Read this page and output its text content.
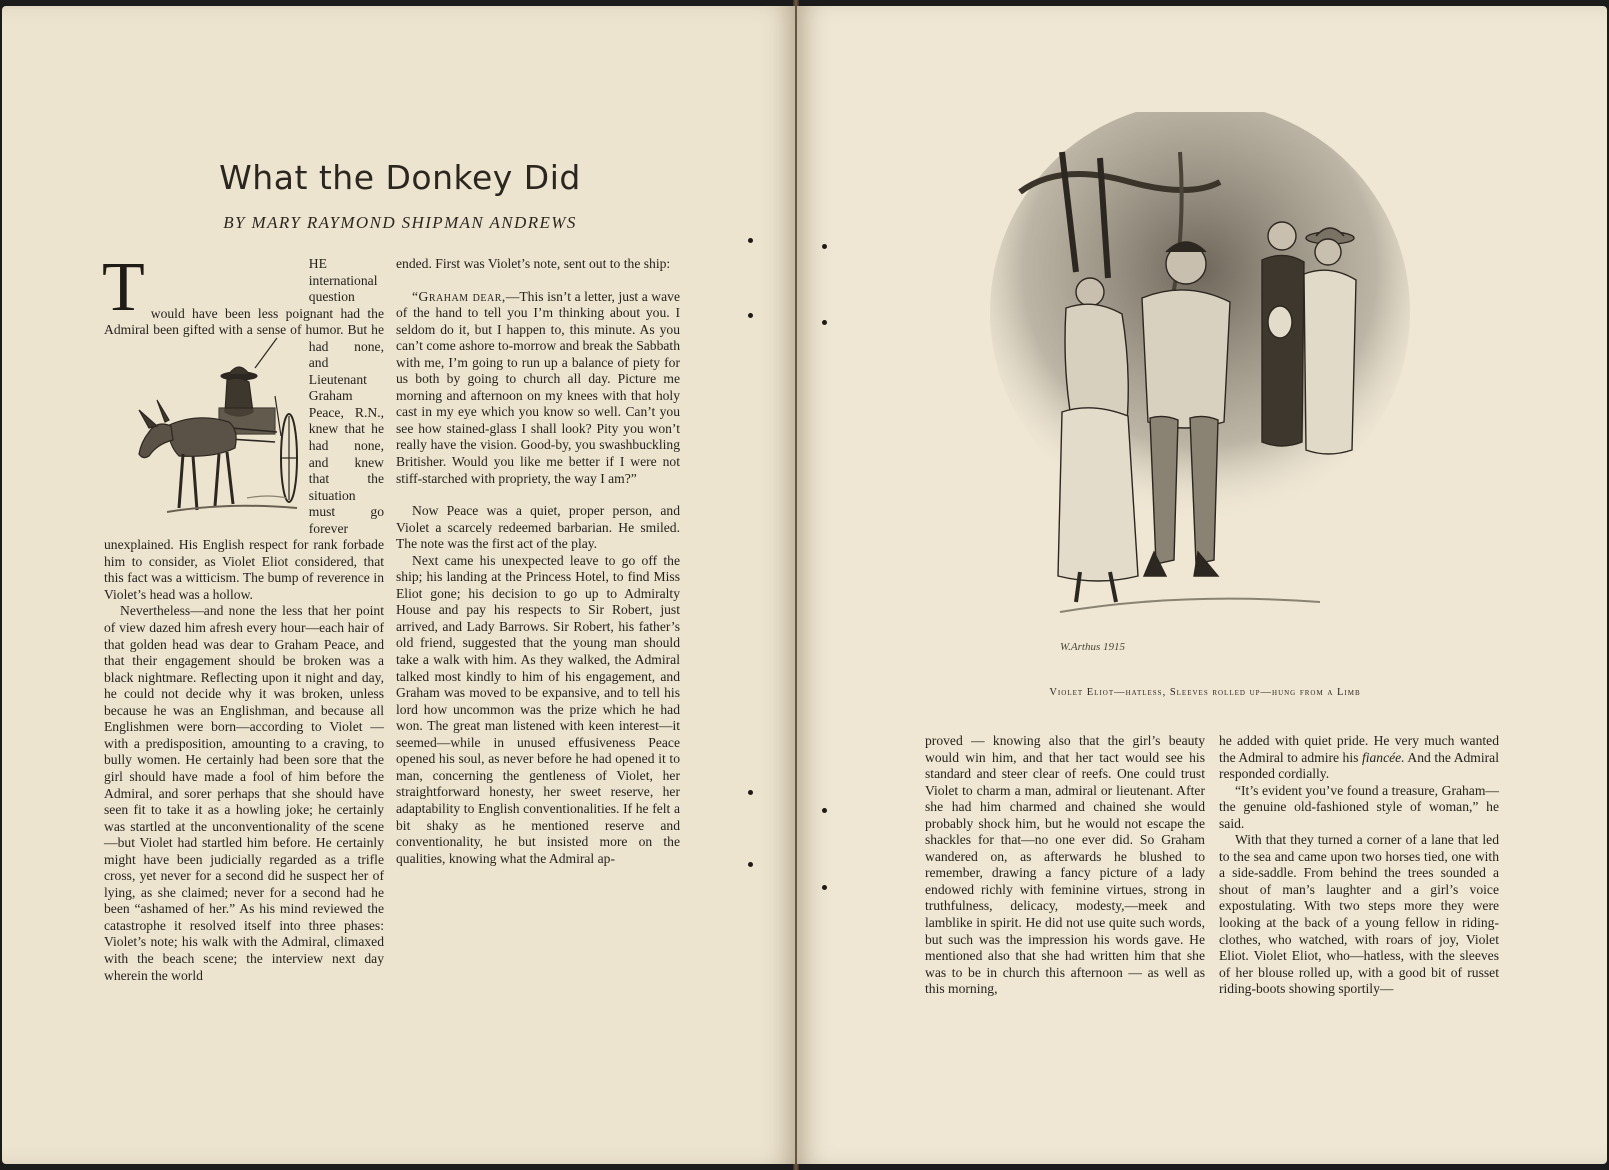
What the Donkey Did
BY MARY RAYMOND SHIPMAN ANDREWS

T	HE international question would have been less poignant had the Admiral been gifted with a sense of humor. But he had none, and Lieutenant Graham Peace, R.N., knew that he had none, and knew that the situation must go forever unexplained. His English respect for rank forbade him to consider, as Violet Eliot considered, that this fact was a witticism. The bump of reverence in Violet’s head was a hollow.

Nevertheless—and none the less that her point of view dazed him afresh every hour—each hair of that golden head was dear to Graham Peace, and that their engagement should be broken was a black nightmare. Reflecting upon it night and day, he could not decide why it was broken, unless because he was an Englishman, and because all Englishmen were born—according to Violet —with a predisposition, amounting to a craving, to bully women. He certainly had been sore that the girl should have made a fool of him before the Admiral, and sorer perhaps that she should have seen fit to take it as a howling joke; he certainly was startled at the unconventionality of the scene—but Violet had startled him before. He certainly might have been judicially regarded as a trifle cross, yet never for a second did he suspect her of lying, as she claimed; never for a second had he been “ashamed of her.” As his mind reviewed the catastrophe it resolved itself into three phases: Violet’s note; his walk with the Admiral, climaxed with the beach scene; the interview next day wherein the world

ended. First was Violet’s note, sent out to the ship:

“Graham dear,—This isn’t a letter, just a wave of the hand to tell you I’m thinking about you. I seldom do it, but I happen to, this minute. As you can’t come ashore to-morrow and break the Sabbath with me, I’m going to run up a balance of piety for us both by going to church all day. Picture me morning and afternoon on my knees with that holy cast in my eye which you know so well. Can’t you see how stained-glass I shall look? Pity you won’t really have the vision. Good-by, you swashbuckling Britisher. Would you like me better if I were not stiff-starched with propriety, the way I am?”

Now Peace was a quiet, proper person, and Violet a scarcely redeemed barbarian. He smiled. The note was the first act of the play.

Next came his unexpected leave to go off the ship; his landing at the Princess Hotel, to find Miss Eliot gone; his decision to go up to Admiralty House and pay his respects to Sir Robert, just arrived, and Lady Barrows. Sir Robert, his father’s old friend, suggested that the young man should take a walk with him. As they walked, the Admiral talked most kindly to him of his engagement, and Graham was moved to be expansive, and to tell his lord how uncommon was the prize which he had won. The great man listened with keen interest—it seemed—while in unused effusiveness Peace opened his soul, as never before he had opened it to man, concerning the gentleness of Violet, her straightforward honesty, her sweet reserve, her adaptability to English conventionalities. If he felt a bit shaky as he mentioned reserve and conventionality, he but insisted more on the qualities, knowing what the Admiral ap-

W.Arthus 1915
Violet Eliot—hatless, Sleeves rolled up—hung from a Limb

proved — knowing also that the girl’s beauty would win him, and that her tact would see his standard and steer clear of reefs. One could trust Violet to charm a man, admiral or lieutenant. After she had him charmed and chained she would probably shock him, but he would not escape the shackles for that—no one ever did. So Graham wandered on, as afterwards he blushed to remember, drawing a fancy picture of a lady endowed richly with feminine virtues, strong in truthfulness, delicacy, modesty,—meek and lamblike in spirit. He did not use quite such words, but such was the impression his words gave. He mentioned also that she had written him that she was to be in church this afternoon — as well as this morning,

he added with quiet pride. He very much wanted the Admiral to admire his fiancée. And the Admiral responded cordially.

“It’s evident you’ve found a treasure, Graham—the genuine old-fashioned style of woman,” he said.

With that they turned a corner of a lane that led to the sea and came upon two horses tied, one with a side-saddle. From behind the trees sounded a shout of man’s laughter and a girl’s voice expostulating. With two steps more they were looking at the back of a young fellow in riding-clothes, who watched, with roars of joy, Violet Eliot. Violet Eliot, who—hatless, with the sleeves of her blouse rolled up, with a good bit of russet riding-boots showing sportily—
